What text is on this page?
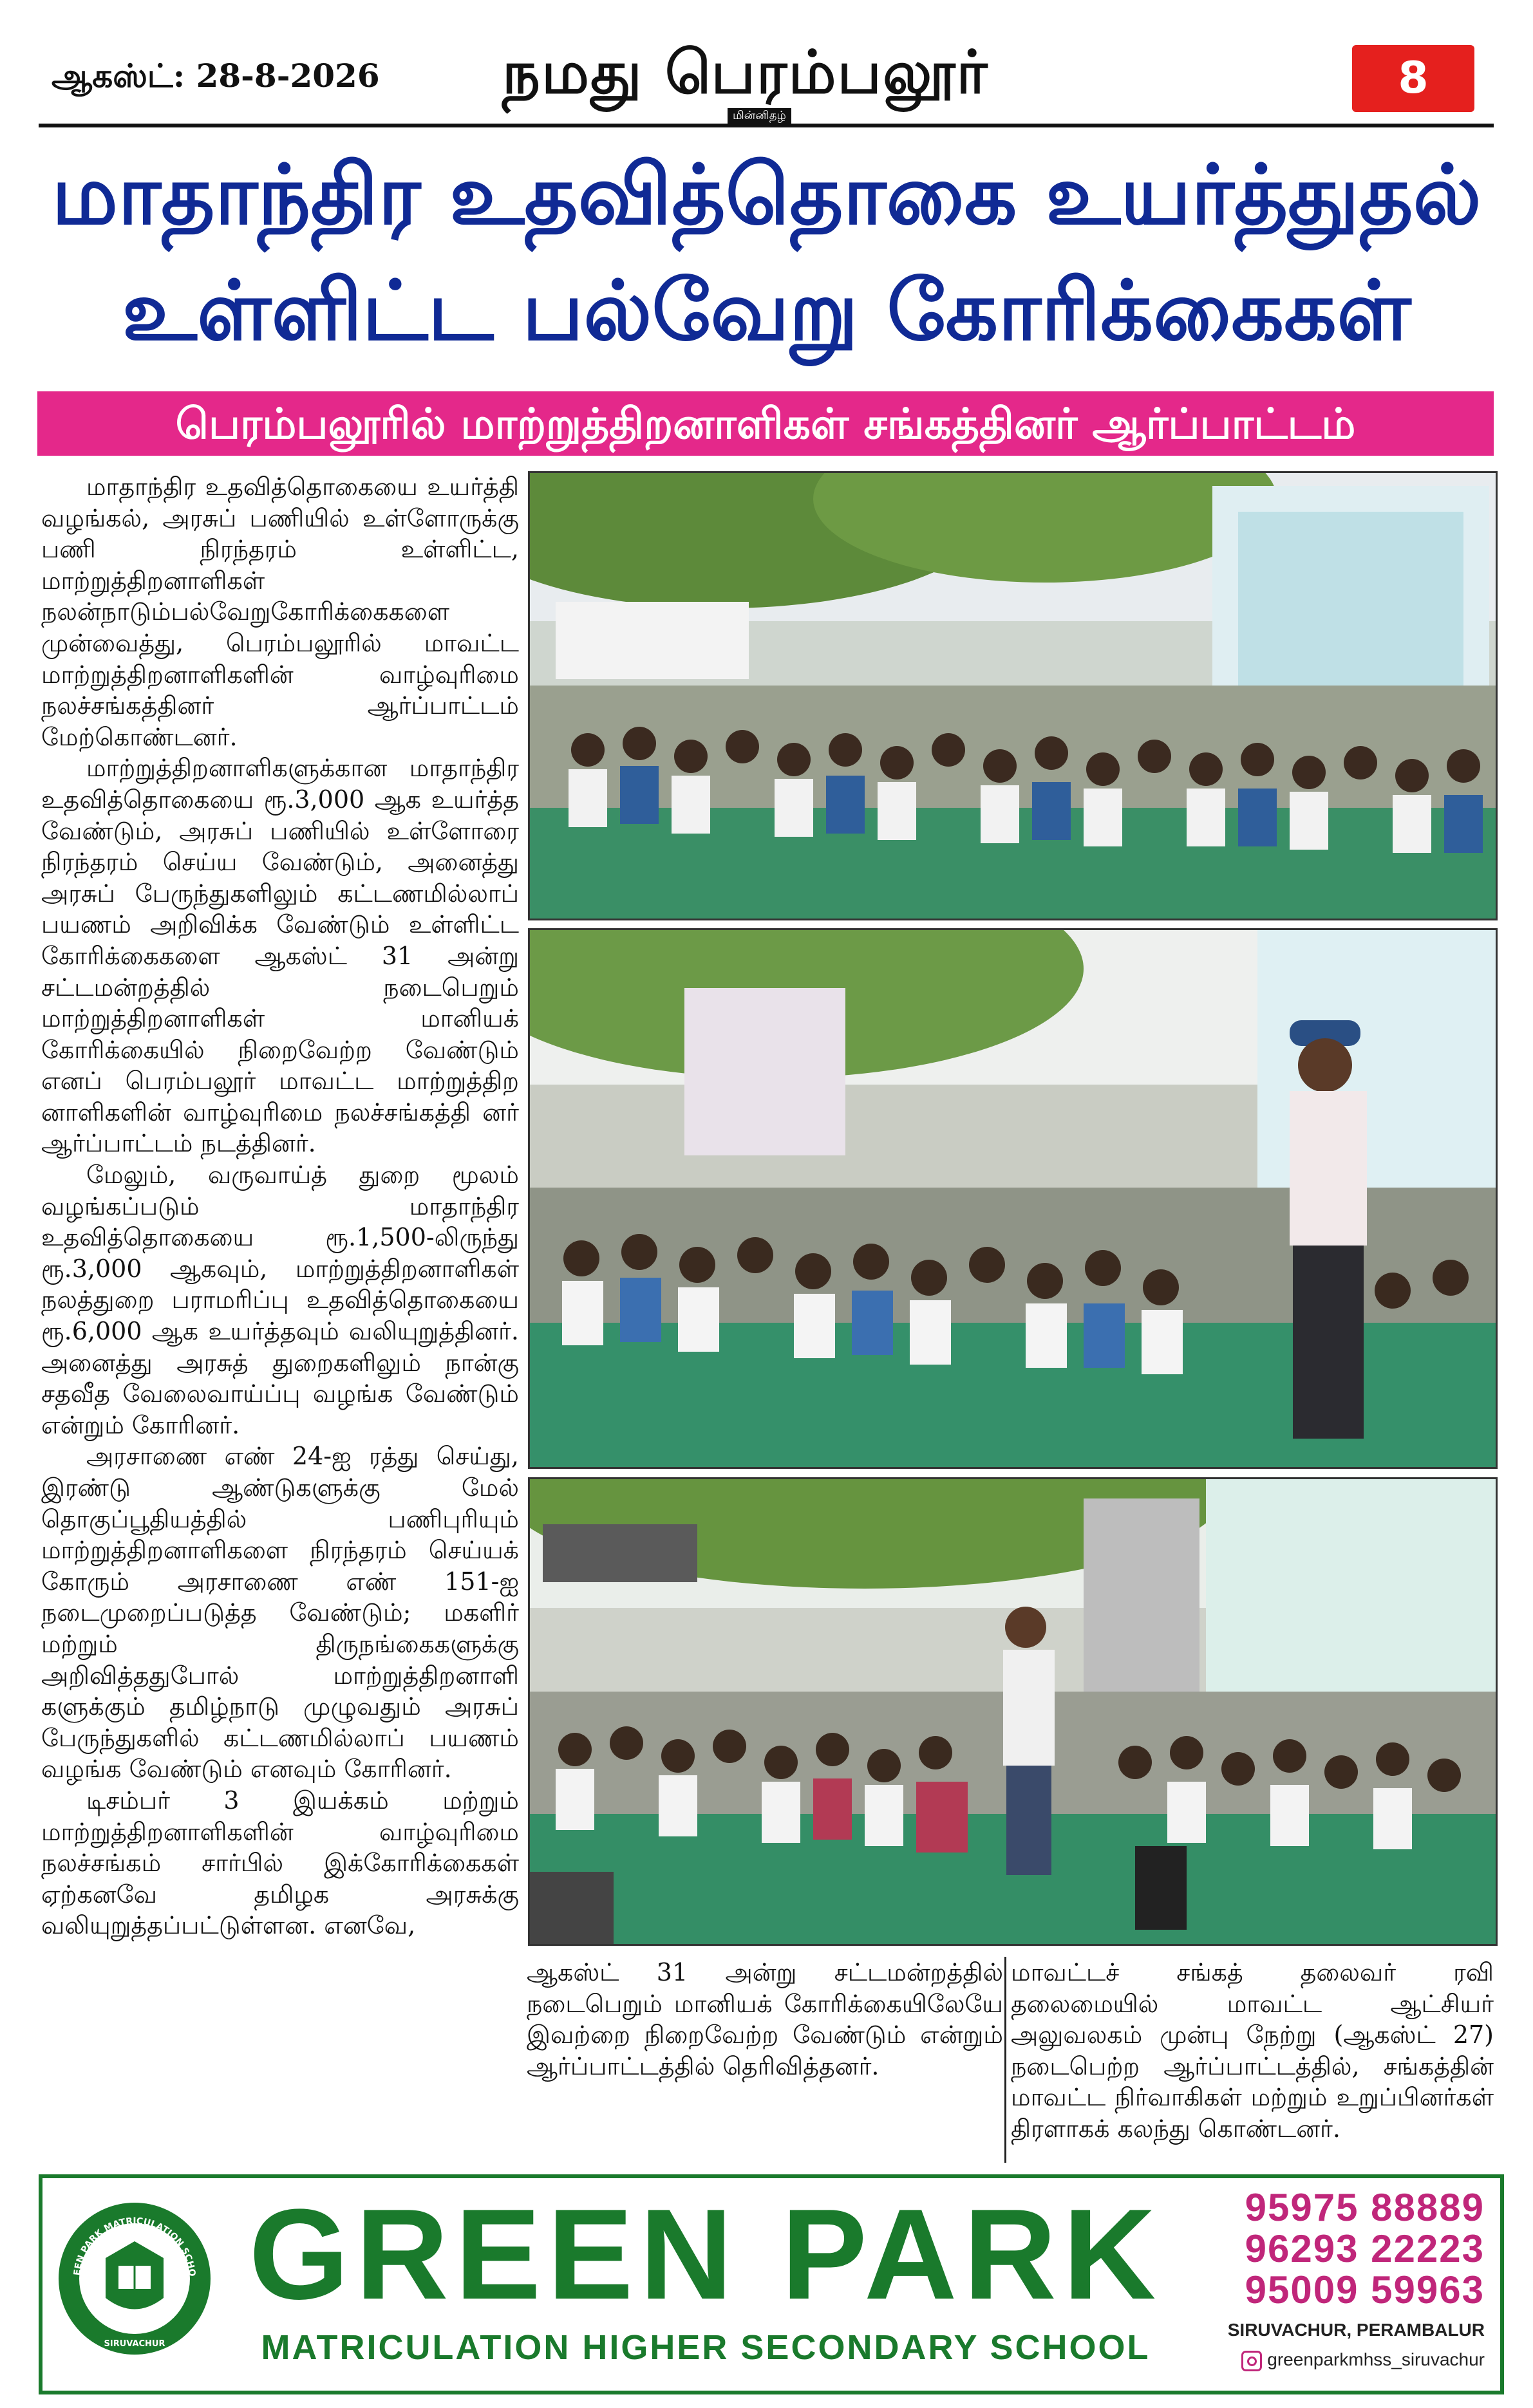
ஆகஸ்ட்: 28-8-2026 நமது பெரம்பலூர்
மின்னிதழ்
8
மாதாந்திர உதவித்தொகை உயர்த்துதல்
உள்ளிட்ட பல்வேறு கோரிக்கைகள்
பெரம்பலூரில் மாற்றுத்திறனாளிகள் சங்கத்தினர் ஆர்ப்பாட்டம்

மாதாந்திர உதவித்தொகையை உயர்த்தி வழங்கல், அரசுப் பணியில் உள்ளோருக்கு பணி நிரந்தரம் உள்ளிட்ட, மாற்றுத்திறனாளிகள் நலன்நாடும்பல்வேறுகோரிக்கைகளை முன்வைத்து, பெரம்பலூரில் மாவட்ட மாற்றுத்திறனாளிகளின் வாழ்வுரிமை நலச்சங்கத்தினர் ஆர்ப்பாட்டம் மேற்கொண்டனர்.

மாற்றுத்திறனாளிகளுக்கான மாதாந்திர உதவித்தொகையை ரூ.3,000 ஆக உயர்த்த வேண்டும், அரசுப் பணியில் உள்ளோரை நிரந்தரம் செய்ய வேண்டும், அனைத்து அரசுப் பேருந்துகளிலும் கட்டணமில்லாப் பயணம் அறிவிக்க வேண்டும் உள்ளிட்ட கோரிக்கைகளை ஆகஸ்ட் 31 அன்று சட்டமன்றத்தில் நடைபெறும் மாற்றுத்திறனாளிகள் மானியக் கோரிக்கையில் நிறைவேற்ற வேண்டும் எனப் பெரம்பலூர் மாவட்ட மாற்றுத்திற னாளிகளின் வாழ்வுரிமை நலச்சங்கத்தி னர் ஆர்ப்பாட்டம் நடத்தினர்.

மேலும், வருவாய்த் துறை மூலம் வழங்கப்படும் மாதாந்திர உதவித்தொகையை ரூ.1,500-லிருந்து ரூ.3,000 ஆகவும், மாற்றுத்திறனாளிகள் நலத்துறை பராமரிப்பு உதவித்தொகையை ரூ.6,000 ஆக உயர்த்தவும் வலியுறுத்தினர். அனைத்து அரசுத் துறைகளிலும் நான்கு சதவீத வேலைவாய்ப்பு வழங்க வேண்டும் என்றும் கோரினர்.

அரசாணை எண் 24-ஐ ரத்து செய்து, இரண்டு ஆண்டுகளுக்கு மேல் தொகுப்பூதியத்தில் பணிபுரியும் மாற்றுத்திறனாளிகளை நிரந்தரம் செய்யக் கோரும் அரசாணை எண் 151-ஐ நடைமுறைப்படுத்த வேண்டும்; மகளிர் மற்றும் திருநங்கைகளுக்கு அறிவித்ததுபோல் மாற்றுத்திறனாளி களுக்கும் தமிழ்நாடு முழுவதும் அரசுப் பேருந்துகளில் கட்டணமில்லாப் பயணம் வழங்க வேண்டும் எனவும் கோரினர்.

டிசம்பர் 3 இயக்கம் மற்றும் மாற்றுத்திறனாளிகளின் வாழ்வுரிமை நலச்சங்கம் சார்பில் இக்கோரிக்கைகள் ஏற்கனவே தமிழக அரசுக்கு வலியுறுத்தப்பட்டுள்ளன. எனவே,

ஆகஸ்ட் 31 அன்று சட்டமன்றத்தில் நடைபெறும் மானியக் கோரிக்கையிலேயே இவற்றை நிறைவேற்ற வேண்டும் என்றும் ஆர்ப்பாட்டத்தில் தெரிவித்தனர்.

மாவட்டச் சங்கத் தலைவர் ரவி தலைமையில் மாவட்ட ஆட்சியர் அலுவலகம் முன்பு நேற்று (ஆகஸ்ட் 27) நடைபெற்ற ஆர்ப்பாட்டத்தில், சங்கத்தின் மாவட்ட நிர்வாகிகள் மற்றும் உறுப்பினர்கள் திரளாகக் கலந்து கொண்டனர்.

EEN PARK MATRICULATION SCHO
SIRUVACHUR
GREEN PARK
MATRICULATION HIGHER SECONDARY SCHOOL
95975 88889
96293 22223
95009 59963
SIRUVACHUR, PERAMBALUR
greenparkmhss_siruvachur
